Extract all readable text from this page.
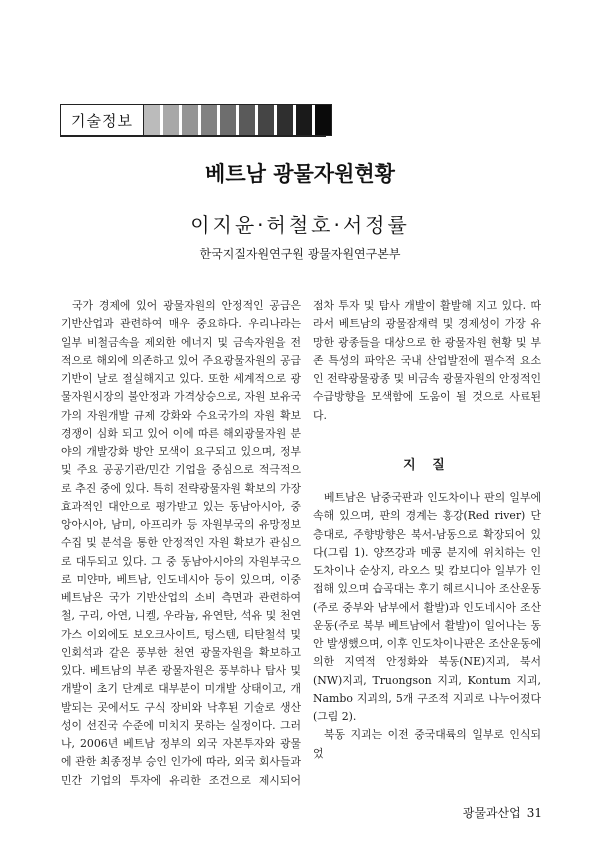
기술정보
베트남 광물자원현황
이지윤·허철호·서정률
한국지질자원연구원 광물자원연구본부

국가 경제에 있어 광물자원의 안정적인 공급은 기반산업과 관련하여 매우 중요하다. 우리나라는 일부 비철금속을 제외한 에너지 및 금속자원을 전적으로 해외에 의존하고 있어 주요광물자원의 공급기반이 날로 절실해지고 있다. 또한 세계적으로 광물자원시장의 불안정과 가격상승으로, 자원 보유국가의 자원개발 규제 강화와 수요국가의 자원 확보 경쟁이 심화 되고 있어 이에 따른 해외광물자원 분야의 개발강화 방안 모색이 요구되고 있으며, 정부 및 주요 공공기관/민간 기업을 중심으로 적극적으로 추진 중에 있다. 특히 전략광물자원 확보의 가장 효과적인 대안으로 평가받고 있는 동남아시아, 중앙아시아, 남미, 아프리카 등 자원부국의 유망정보 수집 및 분석을 통한 안정적인 자원 확보가 관심으로 대두되고 있다. 그 중 동남아시아의 자원부국으로 미얀마, 베트남, 인도네시아 등이 있으며, 이중 베트남은 국가 기반산업의 소비 측면과 관련하여 철, 구리, 아연, 니켈, 우라늄, 유연탄, 석유 및 천연가스 이외에도 보오크사이트, 텅스텐, 티탄철석 및 인회석과 같은 풍부한 천연 광물자원을 확보하고 있다. 베트남의 부존 광물자원은 풍부하나 탐사 및 개발이 초기 단계로 대부분이 미개발 상태이고, 개발되는 곳에서도 구식 장비와 낙후된 기술로 생산성이 선진국 수준에 미치지 못하는 실정이다. 그러나, 2006년 베트남 정부의 외국 자본투자와 광물에 관한 최종정부 승인 인가에 따라, 외국 회사들과 민간 기업의 투자에 유리한 조건으로 제시되어

점차 투자 및 탐사 개발이 활발해 지고 있다. 따라서 베트남의 광물잠재력 및 경제성이 가장 유망한 광종들을 대상으로 한 광물자원 현황 및 부존 특성의 파악은 국내 산업발전에 필수적 요소인 전략광물광종 및 비금속 광물자원의 안정적인 수급방향을 모색함에 도움이 될 것으로 사료된다.

지 질

베트남은 남중국판과 인도차이나 판의 일부에 속해 있으며, 판의 경계는 홍강(Red river) 단층대로, 주향방향은 북서-남동으로 확장되어 있다(그림 1). 양쯔강과 메콩 분지에 위치하는 인도차이나 순상지, 라오스 및 캄보디아 일부가 인접해 있으며 습곡대는 후기 헤르시니아 조산운동(주로 중부와 남부에서 활발)과 인도네시아 조산운동(주로 북부 베트남에서 활발)이 일어나는 동안 발생했으며, 이후 인도차이나판은 조산운동에 의한 지역적 안정화와 북동(NE)지괴, 북서(NW)지괴, Truongson 지괴, Kontum 지괴, Nambo 지괴의, 5개 구조적 지괴로 나누어졌다(그림 2).

북동 지괴는 이전 중국대륙의 일부로 인식되었

광물과산업 31
